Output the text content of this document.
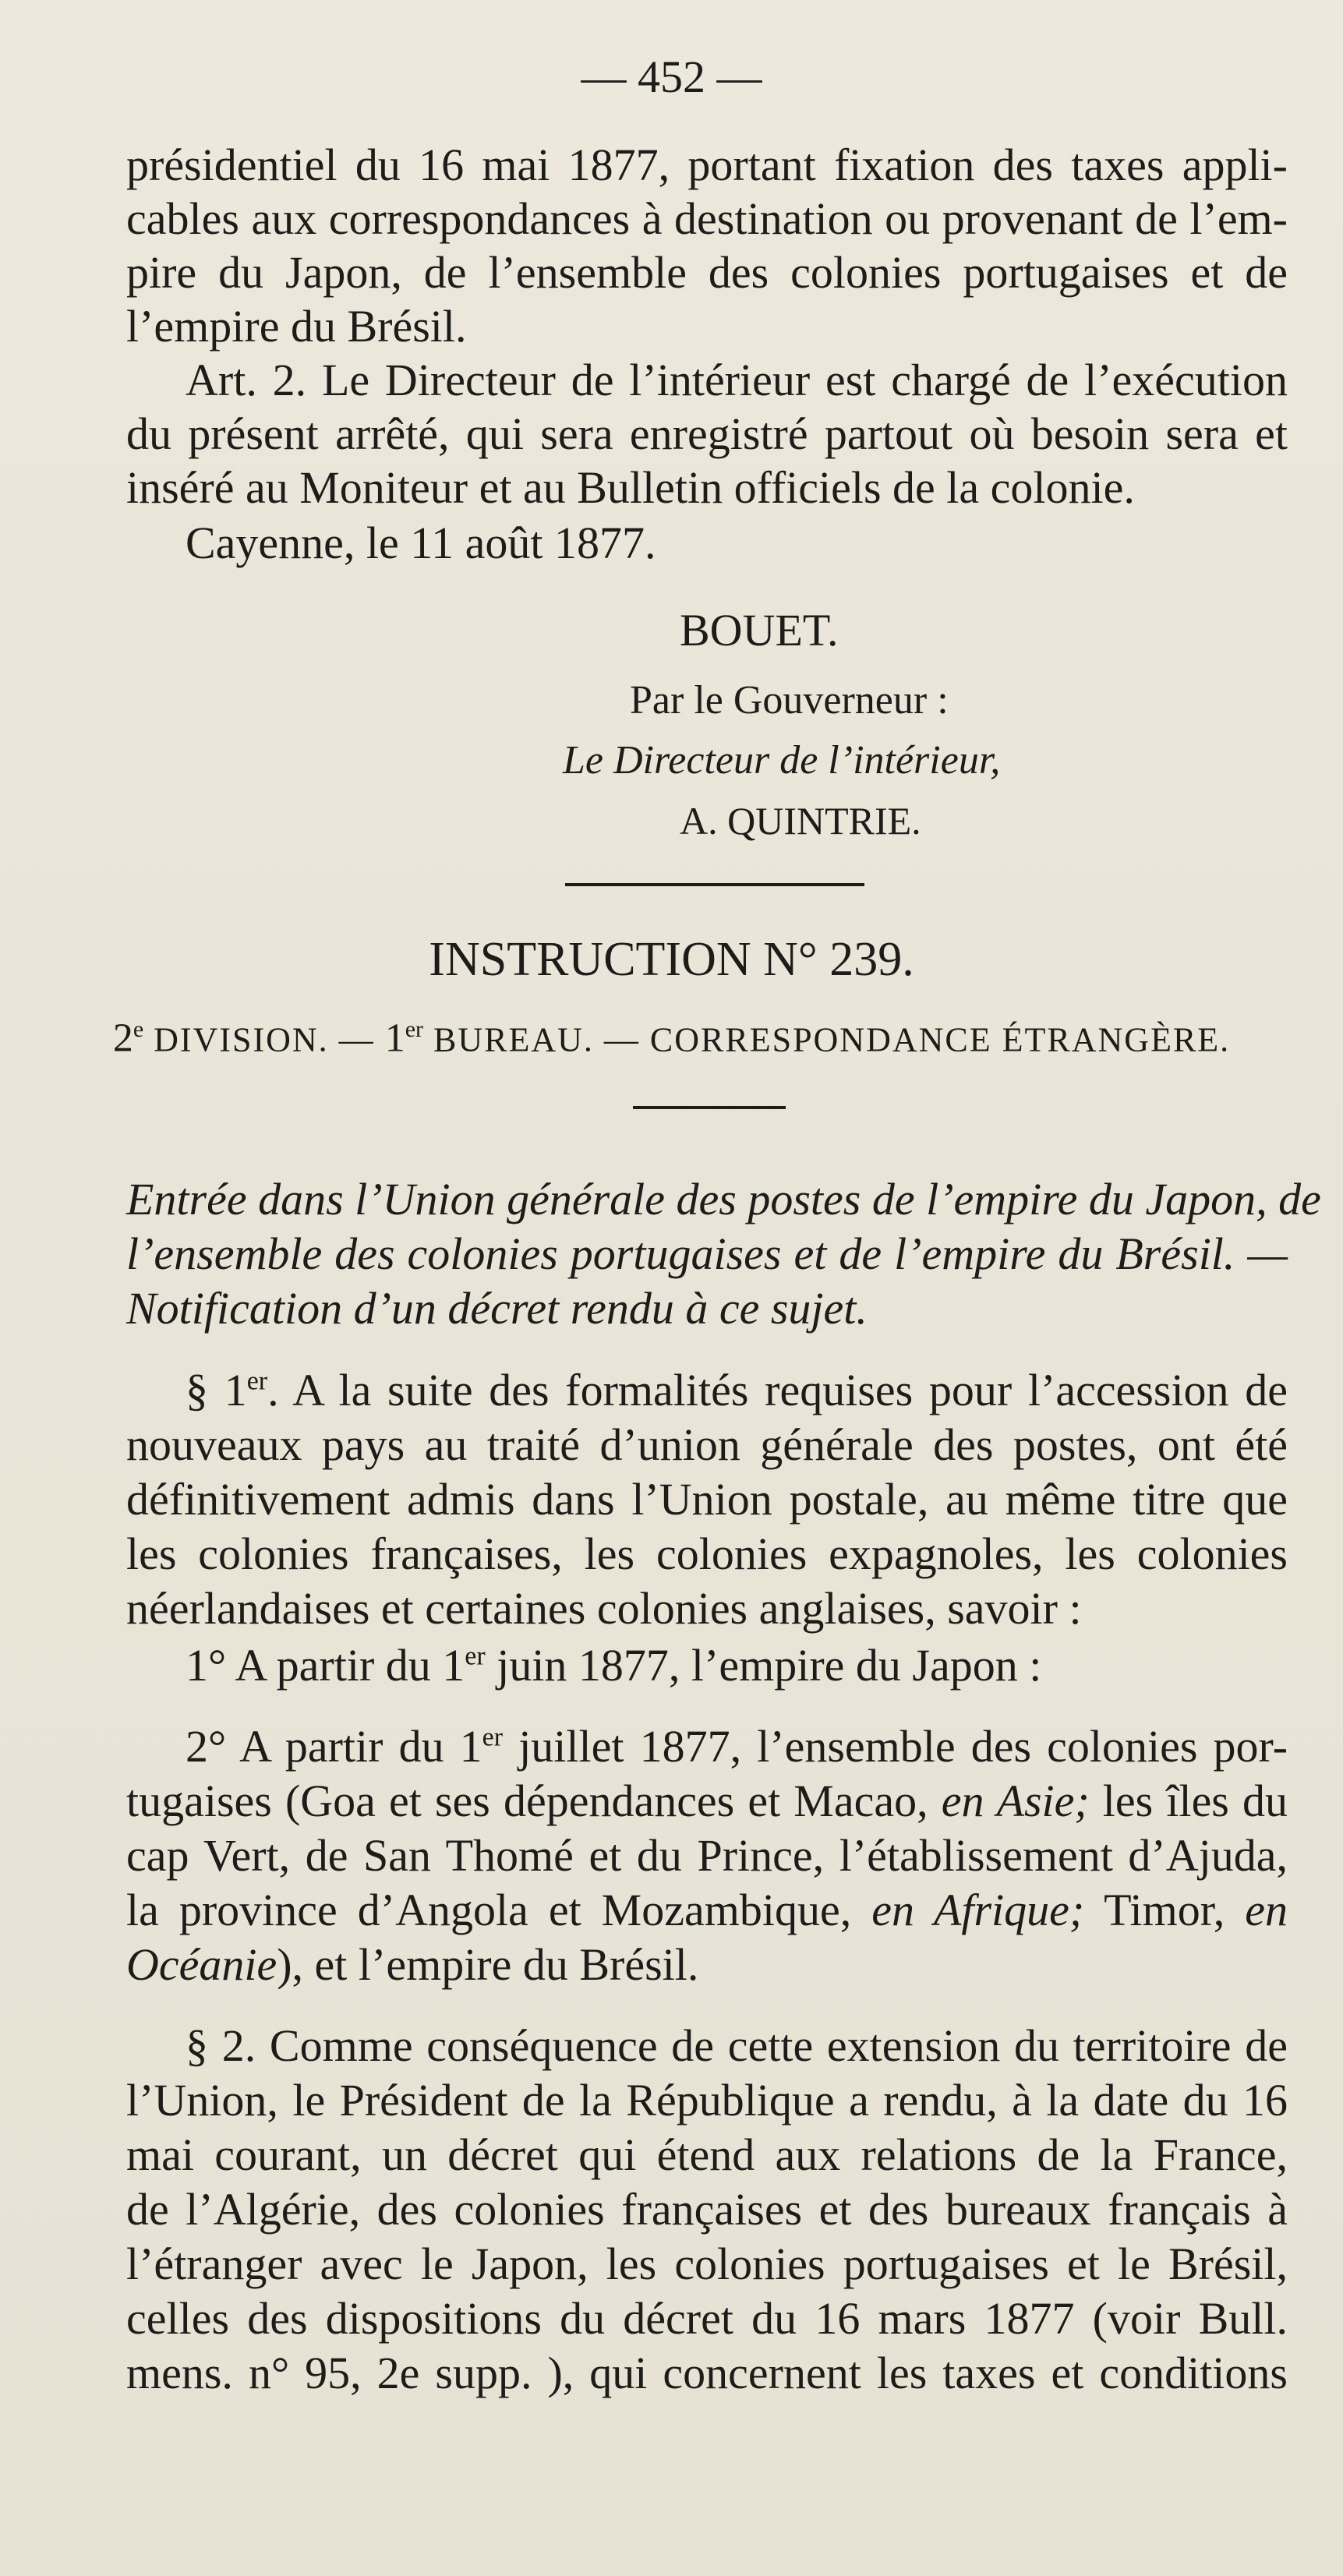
— 452 —
présidentiel du 16 mai 1877, portant fixation des taxes appli-
cables aux correspondances à destination ou provenant de l’em-
pire du Japon, de l’ensemble des colonies portugaises et de
l’empire du Brésil.
Art. 2. Le Directeur de l’intérieur est chargé de l’exécution
du présent arrêté, qui sera enregistré partout où besoin sera et
inséré au Moniteur et au Bulletin officiels de la colonie.
Cayenne, le 11 août 1877.
BOUET.
Par le Gouverneur :
Le Directeur de l’intérieur,
A. QUINTRIE.
INSTRUCTION N° 239.
2e DIVISION. — 1er BUREAU. — CORRESPONDANCE ÉTRANGÈRE.
Entrée dans l’Union générale des postes de l’empire du Japon, de
l’ensemble des colonies portugaises et de l’empire du Brésil. —
Notification d’un décret rendu à ce sujet.
§ 1er. A la suite des formalités requises pour l’accession de
nouveaux pays au traité d’union générale des postes, ont été
définitivement admis dans l’Union postale, au même titre que
les colonies françaises, les colonies expagnoles, les colonies
néerlandaises et certaines colonies anglaises, savoir :
1° A partir du 1er juin 1877, l’empire du Japon :
2° A partir du 1er juillet 1877, l’ensemble des colonies por-
tugaises (Goa et ses dépendances et Macao, en Asie; les îles du
cap Vert, de San Thomé et du Prince, l’établissement d’Ajuda,
la province d’Angola et Mozambique, en Afrique; Timor, en
Océanie), et l’empire du Brésil.
§ 2. Comme conséquence de cette extension du territoire de
l’Union, le Président de la République a rendu, à la date du 16
mai courant, un décret qui étend aux relations de la France,
de l’Algérie, des colonies françaises et des bureaux français à
l’étranger avec le Japon, les colonies portugaises et le Brésil,
celles des dispositions du décret du 16 mars 1877 (voir Bull.
mens. n° 95, 2e supp. ), qui concernent les taxes et conditions
